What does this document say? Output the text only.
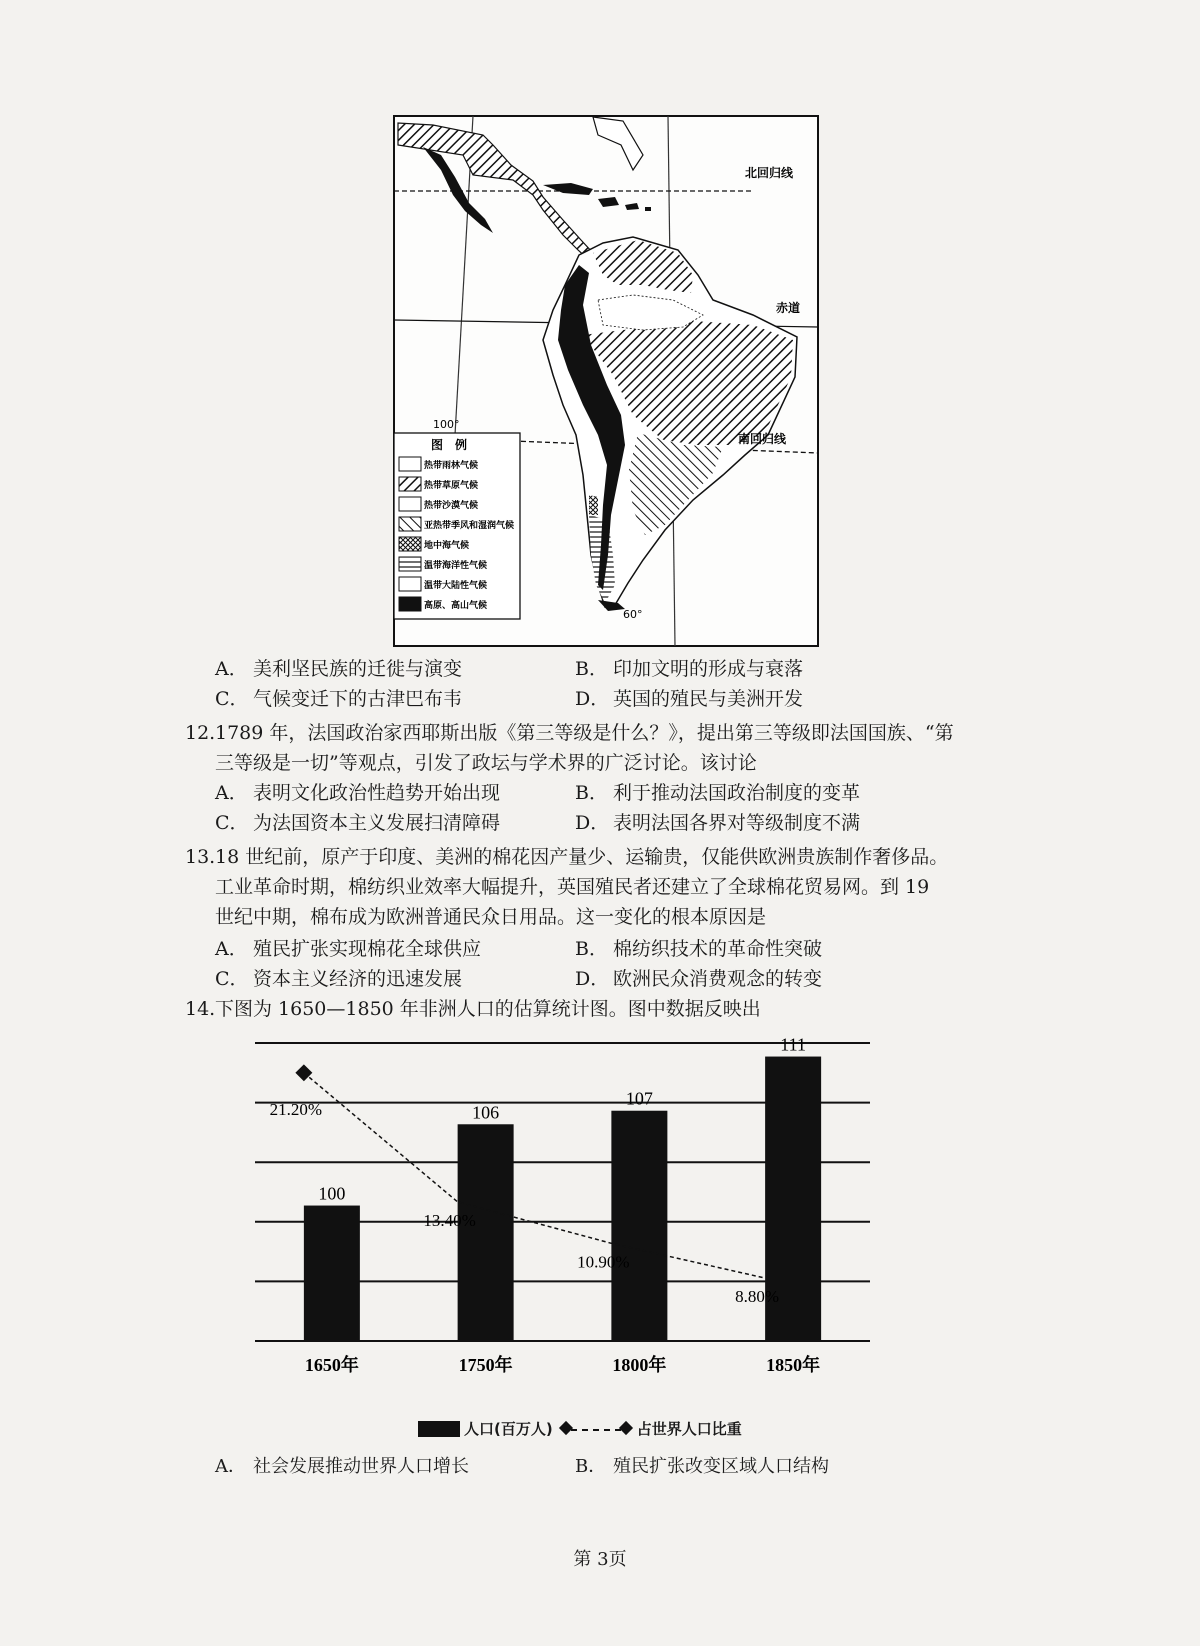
北回归线
赤道
南回归线
100°
60°
图　例
热带雨林气候
热带草原气候
热带沙漠气候
亚热带季风和湿润气候
地中海气候
温带海洋性气候
温带大陆性气候
高原、高山气候
A． 美利坚民族的迁徙与演变	B． 印加文明的形成与衰落
C． 气候变迁下的古津巴布韦	D． 英国的殖民与美洲开发
12.1789 年，法国政治家西耶斯出版《第三等级是什么？》，提出第三等级即法国国族、“第
三等级是一切”等观点，引发了政坛与学术界的广泛讨论。该讨论
A． 表明文化政治性趋势开始出现	B． 利于推动法国政治制度的变革
C． 为法国资本主义发展扫清障碍	D． 表明法国各界对等级制度不满
13.18 世纪前，原产于印度、美洲的棉花因产量少、运输贵，仅能供欧洲贵族制作奢侈品。
工业革命时期，棉纺织业效率大幅提升，英国殖民者还建立了全球棉花贸易网。到 19
世纪中期，棉布成为欧洲普通民众日用品。这一变化的根本原因是
A． 殖民扩张实现棉花全球供应	B． 棉纺织技术的革命性突破
C． 资本主义经济的迅速发展	D． 欧洲民众消费观念的转变
14.下图为 1650—1850 年非洲人口的估算统计图。图中数据反映出
100
106
107
111
21.20%
13.40%
10.90%
8.80%
1650年	1750年	1800年	1850年
人口(百万人)	占世界人口比重
A． 社会发展推动世界人口增长	B． 殖民扩张改变区域人口结构
第 3页
